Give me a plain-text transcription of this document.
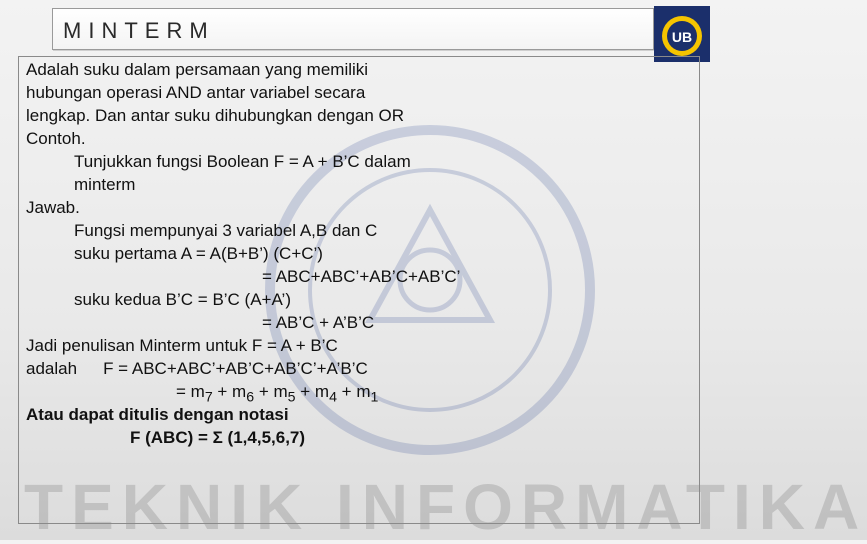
TEKNIK INFORMATIKA
MINTERM	UB
Adalah suku dalam persamaan yang memiliki
hubungan operasi AND antar variabel secara
lengkap. Dan antar suku dihubungkan dengan OR
Contoh.
Tunjukkan fungsi Boolean F = A + B’C dalam
minterm
Jawab.
Fungsi mempunyai 3 variabel A,B dan C
suku pertama A = A(B+B’) (C+C’)
= ABC+ABC’+AB’C+AB’C’
suku kedua B’C = B’C (A+A’)
= AB’C + A’B’C
Jadi penulisan Minterm untuk F = A + B’C
adalah F = ABC+ABC’+AB’C+AB’C’+A’B’C
= $m_7 + m_6 + m_5 + m_4 + m_1$
Atau dapat ditulis dengan notasi
F (ABC) = Σ (1,4,5,6,7)
